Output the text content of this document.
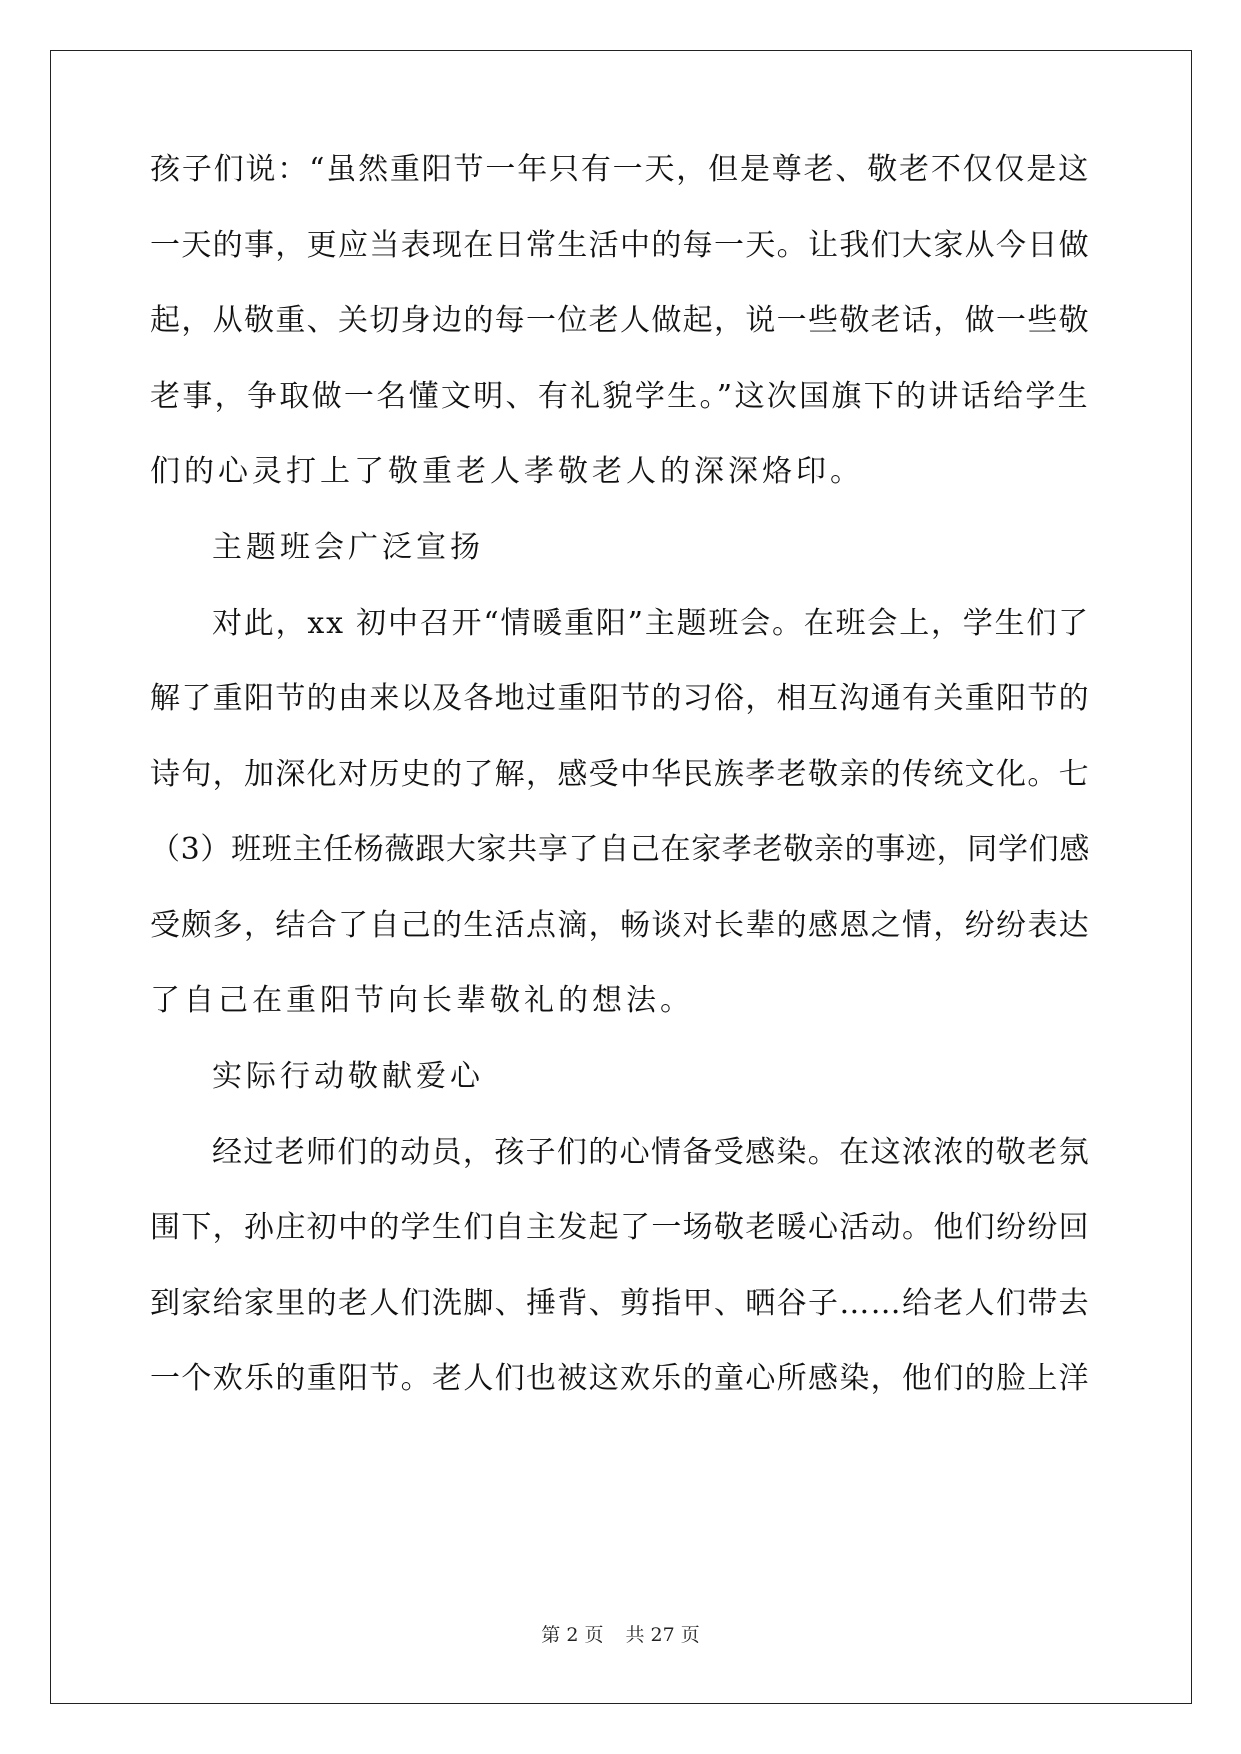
孩子们说：“虽然重阳节一年只有一天，但是尊老、敬老不仅仅是这
一天的事，更应当表现在日常生活中的每一天。让我们大家从今日做
起，从敬重、关切身边的每一位老人做起，说一些敬老话，做一些敬
老事，争取做一名懂文明、有礼貌学生。”这次国旗下的讲话给学生
们的心灵打上了敬重老人孝敬老人的深深烙印。
主题班会广泛宣扬
对此，xx 初中召开“情暖重阳”主题班会。在班会上，学生们了
解了重阳节的由来以及各地过重阳节的习俗，相互沟通有关重阳节的
诗句，加深化对历史的了解，感受中华民族孝老敬亲的传统文化。七
（3）班班主任杨薇跟大家共享了自己在家孝老敬亲的事迹，同学们感
受颇多，结合了自己的生活点滴，畅谈对长辈的感恩之情，纷纷表达
了自己在重阳节向长辈敬礼的想法。
实际行动敬献爱心
经过老师们的动员，孩子们的心情备受感染。在这浓浓的敬老氛
围下，孙庄初中的学生们自主发起了一场敬老暖心活动。他们纷纷回
到家给家里的老人们洗脚、捶背、剪指甲、晒谷子……给老人们带去
一个欢乐的重阳节。老人们也被这欢乐的童心所感染，他们的脸上洋
第 2 页 共 27 页
